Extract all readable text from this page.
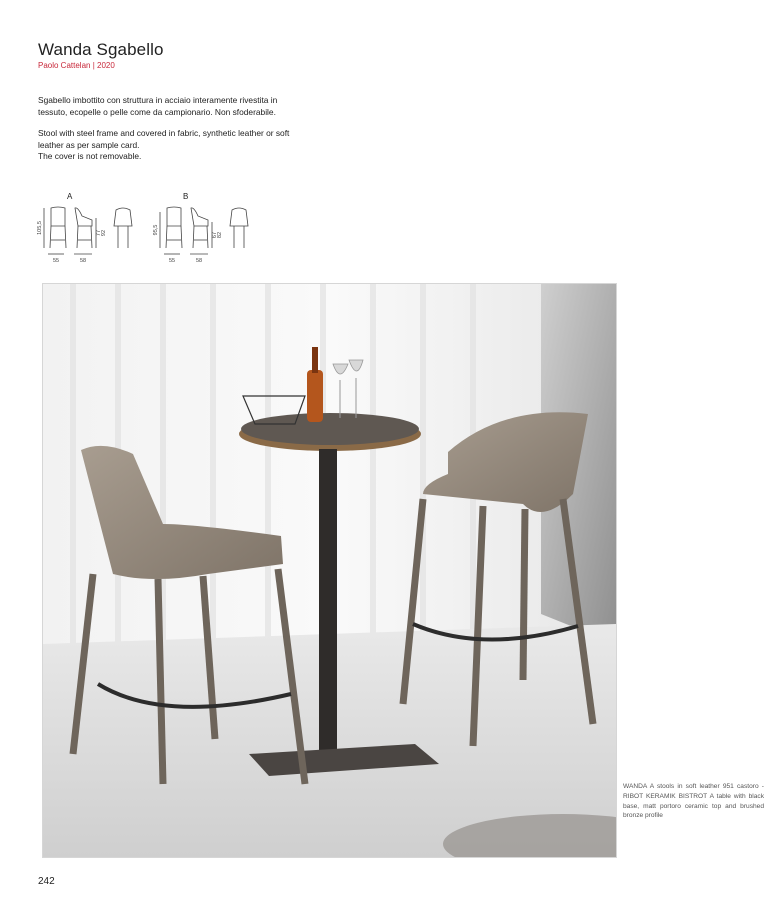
Wanda Sgabello
Paolo Cattelan | 2020
Sgabello imbottito con struttura in acciaio interamente rivestita in tessuto, ecopelle o pelle come da campionario. Non sfoderabile.
Stool with steel frame and covered in fabric, synthetic leather or soft leather as per sample card.
The cover is not removable.
A
105,5	77 92
55	58
B
95,5	67 82
55	58
WANDA A stools in soft leather 951 castoro - RIBOT KERAMIK BISTROT A table with black base, matt portoro ceramic top and brushed bronze profile
242
